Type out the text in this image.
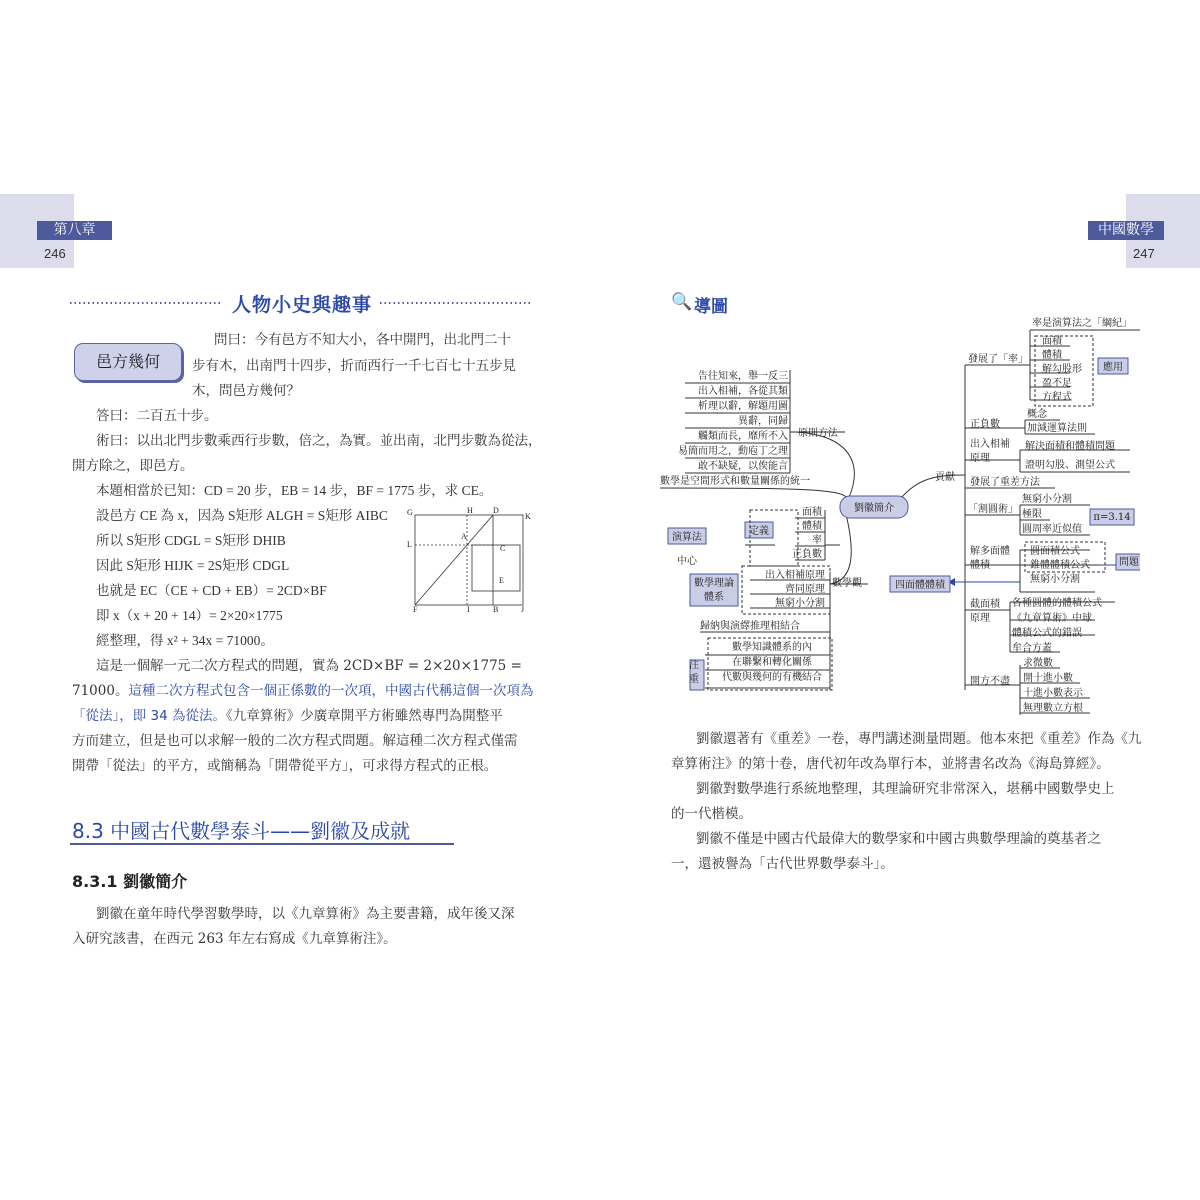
第八章
246
中國數學
247
人物小史與趣事
邑方幾何
問曰：今有邑方不知大小，各中開門，出北門二十
步有木，出南門十四步，折而西行一千七百七十五步見
木，問邑方幾何？
答曰：二百五十步。
術曰：以出北門步數乘西行步數，倍之，為實。並出南，北門步數為從法，
開方除之，即邑方。
本題相當於已知：CD = 20 步，EB = 14 步，BF = 1775 步，求 CE。
設邑方 CE 為 x，因為 S矩形 ALGH = S矩形 AIBC
所以 S矩形 CDGL = S矩形 DHIB
因此 S矩形 HIJK = 2S矩形 CDGL
也就是 EC（CE + CD + EB）= 2CD×BF
即 x（x + 20 + 14）= 2×20×1775
經整理，得 x² + 34x = 71000。
G	H	D
K
L
A
C
E
F	I	B	J
這是一個解一元二次方程式的問題，實為 2CD×BF = 2×20×1775 =
71000。這種二次方程式包含一個正係數的一次項，中國古代稱這個一次項為
「從法」，即 34 為從法。《九章算術》少廣章開平方術雖然專門為開整平
方而建立，但是也可以求解一般的二次方程式問題。解這種二次方程式僅需
開帶「從法」的平方，或簡稱為「開帶從平方」，可求得方程式的正根。
8.3 中國古代數學泰斗——劉徽及成就
8.3.1 劉徽簡介
劉徽在童年時代學習數學時，以《九章算術》為主要書籍，成年後又深
入研究該書，在西元 263 年左右寫成《九章算術注》。
🔍 導圖
劉徽簡介
告往知來，舉一反三
出入相補，各從其類
析理以辭，解題用圖
異辭，同歸
觸類而長，靡所不入
易簡而用之，動庖丁之理
敢不缺疑，以俟能言
原則方法
數學是空間形式和數量關係的統一
演算法
中心
定義
面積
體積
率
正負數
數學理論
體系
出入相補原理
齊同原理
無窮小分割
數學觀
歸納與演繹推理相結合
注
重
數學知識體系的內
在聯繫和轉化關係
代數與幾何的有機結合
貢獻
率是演算法之「綱紀」
發展了「率」
面積
體積
解勾股形
盈不足
方程式
應用
正負數
概念
加減運算法則
出入相補
原理
解決面積和體積問題
證明勾股、測望公式
發展了重差方法
「割圓術」
無窮小分割
極限
圓周率近似值
π=3.14
解多面體
體積
圓面積公式
錐體體積公式
無窮小分割
問題
四面體體積
截面積
原理
各種圓體的體積公式
《九章算術》中球
體積公式的錯誤
牟合方蓋
開方不盡
求微數
開十進小數
十進小數表示
無理數立方根
劉徽還著有《重差》一卷，專門講述測量問題。他本來把《重差》作為《九
章算術注》的第十卷，唐代初年改為單行本，並將書名改為《海島算經》。
劉徽對數學進行系統地整理，其理論研究非常深入，堪稱中國數學史上
的一代楷模。
劉徽不僅是中國古代最偉大的數學家和中國古典數學理論的奠基者之
一，還被譽為「古代世界數學泰斗」。
